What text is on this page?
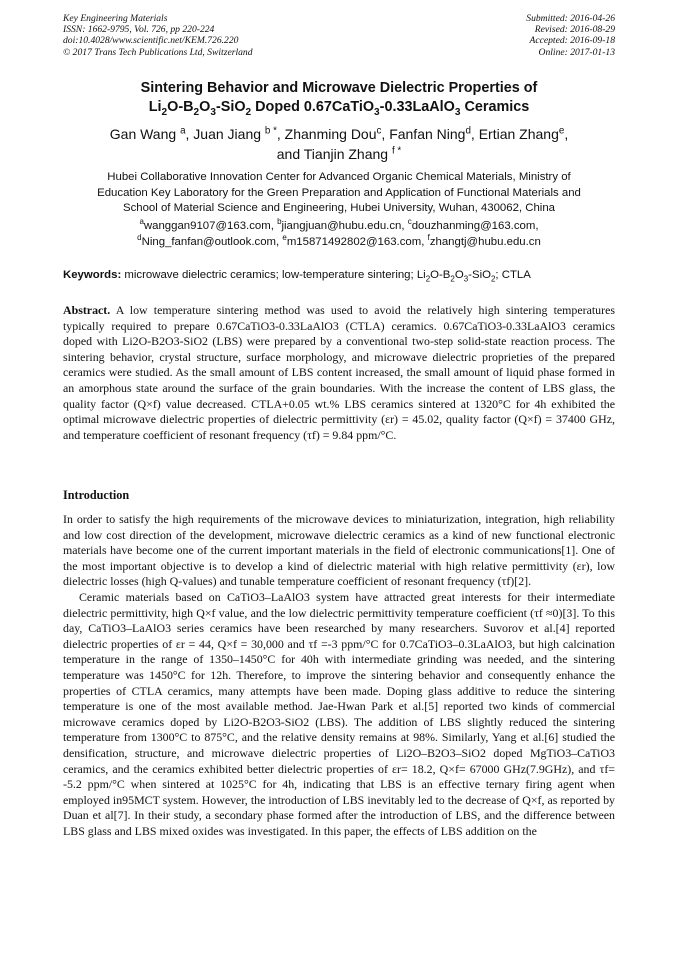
Key Engineering Materials
ISSN: 1662-9795, Vol. 726, pp 220-224
doi:10.4028/www.scientific.net/KEM.726.220
© 2017 Trans Tech Publications Ltd, Switzerland
Submitted: 2016-04-26
Revised: 2016-08-29
Accepted: 2016-09-18
Online: 2017-01-13
Sintering Behavior and Microwave Dielectric Properties of
$Li_2O-B_2O_3-SiO_2$ Doped 0.67CaTiO$_3$-0.33LaAlO$_3$ Ceramics
Gan Wang $^a$, Juan Jiang $^{b *}$, Zhanming Dou$^c$, Fanfan Ning$^d$, Ertian Zhang$^e$,
and Tianjin Zhang $^{f *}$
Hubei Collaborative Innovation Center for Advanced Organic Chemical Materials, Ministry of
Education Key Laboratory for the Green Preparation and Application of Functional Materials and
School of Material Science and Engineering, Hubei University, Wuhan, 430062, China
$^a$wanggan9107@163.com, $^b$jiangjuan@hubu.edu.cn, $^c$douzhanming@163.com,
$^d$Ning_fanfan@outlook.com, $^e$m15871492802@163.com, $^f$zhangtj@hubu.edu.cn
Keywords: microwave dielectric ceramics; low-temperature sintering; $Li_2O-B_2O_3-SiO_2$; CTLA
Abstract. A low temperature sintering method was used to avoid the relatively high sintering temperatures typically required to prepare 0.67CaTiO3-0.33LaAlO3 (CTLA) ceramics. 0.67CaTiO3-0.33LaAlO3 ceramics doped with Li2O-B2O3-SiO2 (LBS) were prepared by a conventional two-step solid-state reaction process. The sintering behavior, crystal structure, surface morphology, and microwave dielectric proprieties of the prepared ceramics were studied. As the small amount of LBS content increased, the small amount of liquid phase formed in an amorphous state around the surface of the grain boundaries. With the increase the content of LBS glass, the quality factor (Q×f) value decreased. CTLA+0.05 wt.% LBS ceramics sintered at 1320°C for 4h exhibited the optimal microwave dielectric properties of dielectric permittivity (εr) = 45.02, quality factor (Q×f) = 37400 GHz, and temperature coefficient of resonant frequency (τf) = 9.84 ppm/°C.
Introduction

In order to satisfy the high requirements of the microwave devices to miniaturization, integration, high reliability and low cost direction of the development, microwave dielectric ceramics as a kind of new functional electronic materials have become one of the current important materials in the field of electronic communications[1]. One of the most important objective is to develop a kind of dielectric material with high relative permittivity (εr), low dielectric losses (high Q-values) and tunable temperature coefficient of resonant frequency (τf)[2].

Ceramic materials based on CaTiO3–LaAlO3 system have attracted great interests for their intermediate dielectric permittivity, high Q×f value, and the low dielectric permittivity temperature coefficient (τf ≈0)[3]. To this day, CaTiO3–LaAlO3 series ceramics have been researched by many researchers. Suvorov et al.[4] reported dielectric properties of εr = 44, Q×f = 30,000 and τf =-3 ppm/°C for 0.7CaTiO3–0.3LaAlO3, but high calcination temperature in the range of 1350–1450°C for 40h with intermediate grinding was needed, and the sintering temperature was 1450°C for 12h. Therefore, to improve the sintering behavior and consequently enhance the properties of CTLA ceramics, many attempts have been made. Doping glass additive to reduce the sintering temperature is one of the most available method. Jae-Hwan Park et al.[5] reported two kinds of commercial microwave ceramics doped by Li2O-B2O3-SiO2 (LBS). The addition of LBS slightly reduced the sintering temperature from 1300°C to 875°C, and the relative density remains at 98%. Similarly, Yang et al.[6] studied the densification, structure, and microwave dielectric properties of Li2O–B2O3–SiO2 doped MgTiO3–CaTiO3 ceramics, and the ceramics exhibited better dielectric properties of εr= 18.2, Q×f= 67000 GHz(7.9GHz), and τf= -5.2 ppm/°C when sintered at 1025°C for 4h, indicating that LBS is an effective ternary firing agent when employed in95MCT system. However, the introduction of LBS inevitably led to the decrease of Q×f, as reported by Duan et al[7]. In their study, a secondary phase formed after the introduction of LBS, and the difference between LBS glass and LBS mixed oxides was investigated. In this paper, the effects of LBS addition on the
